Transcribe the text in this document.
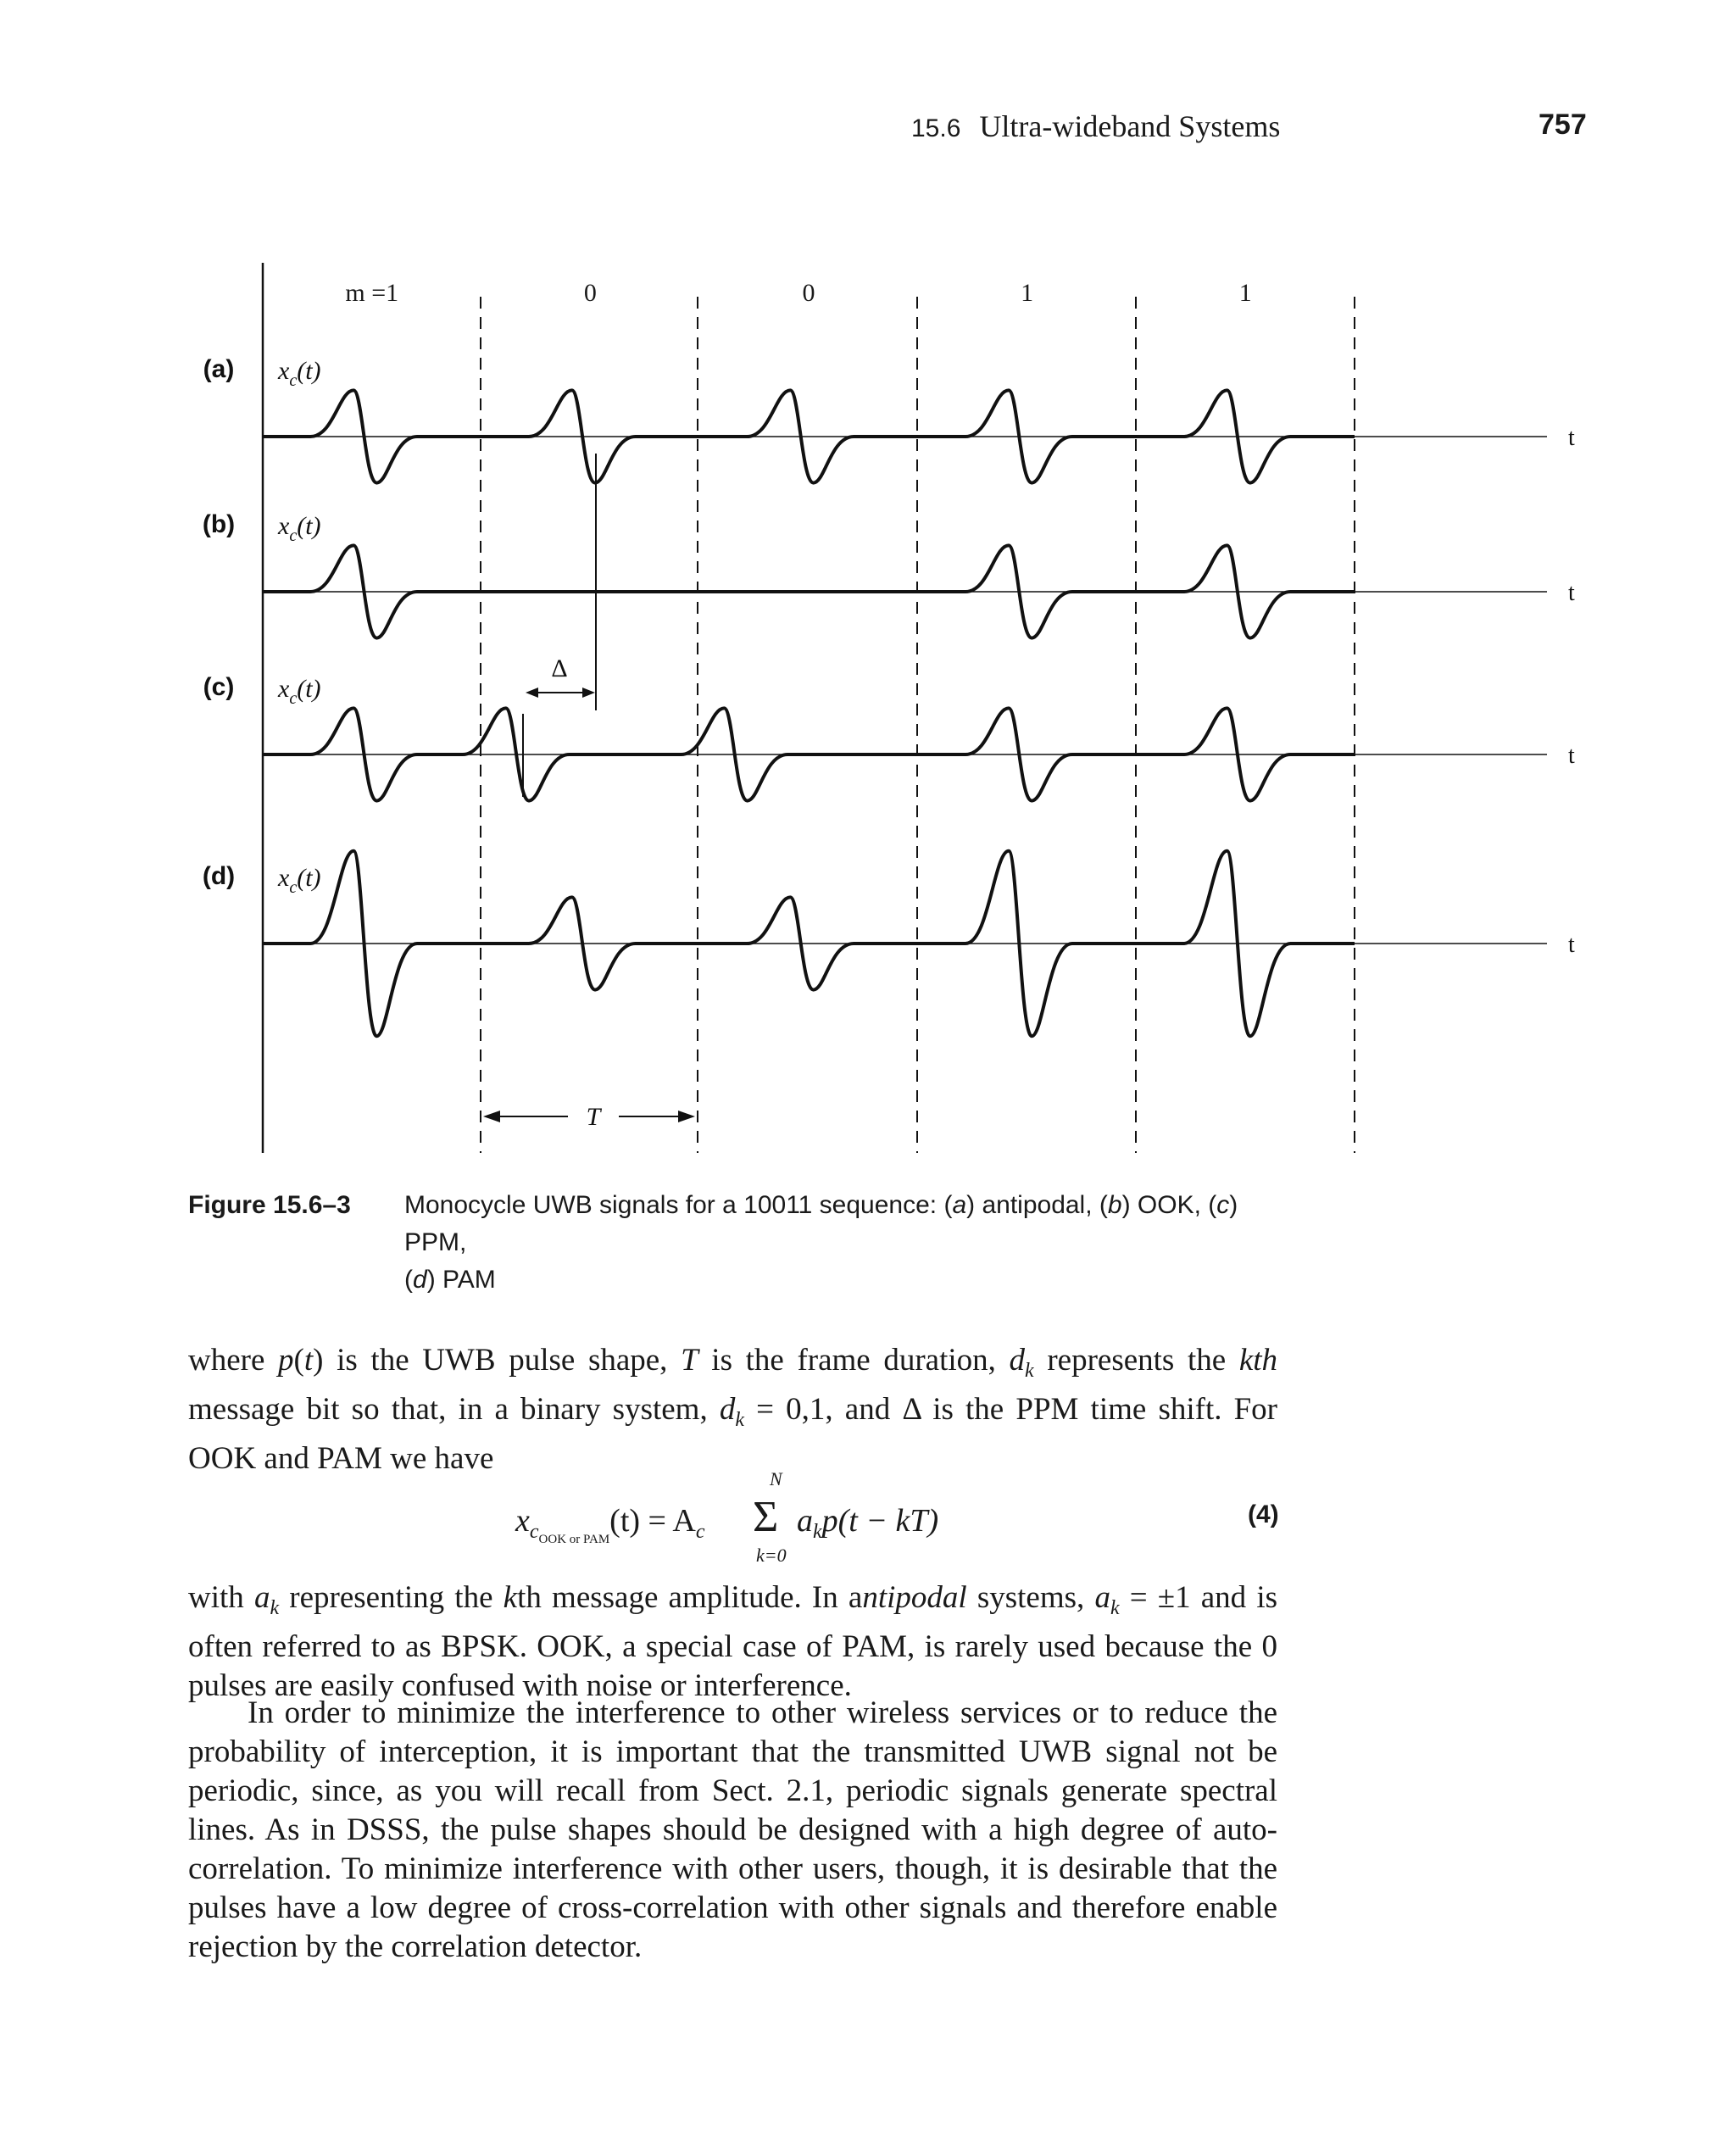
15.6 Ultra-wideband Systems	757
m =1	0	0	1	1
(a) $x_c(t)$
t
(b) $x_c(t)$
t
(c) $x_c(t)$
t
(d) $x_c(t)$
t
Δ
T
Figure 15.6–3 Monocycle UWB signals for a 10011 sequence: (a) antipodal, (b) OOK, (c) PPM,
(d) PAM
where p(t) is the UWB pulse shape, T is the frame duration, $d_k$ represents the kth message bit so that, in a binary system, $d_k = 0,1$, and Δ is the PPM time shift. For OOK and PAM we have
$x_{cOOK or PAM}(t) = A_c$
N
Σ
k=0
$a_kp(t - kT)$	(4)
with $a_k$ representing the kth message amplitude. In antipodal systems, $a_k = \pm 1$ and is often referred to as BPSK. OOK, a special case of PAM, is rarely used because the 0 pulses are easily confused with noise or interference.
In order to minimize the interference to other wireless services or to reduce the probability of interception, it is important that the transmitted UWB signal not be periodic, since, as you will recall from Sect. 2.1, periodic signals generate spectral lines. As in DSSS, the pulse shapes should be designed with a high degree of auto-correlation. To minimize interference with other users, though, it is desirable that the pulses have a low degree of cross-correlation with other signals and therefore enable rejection by the correlation detector.
